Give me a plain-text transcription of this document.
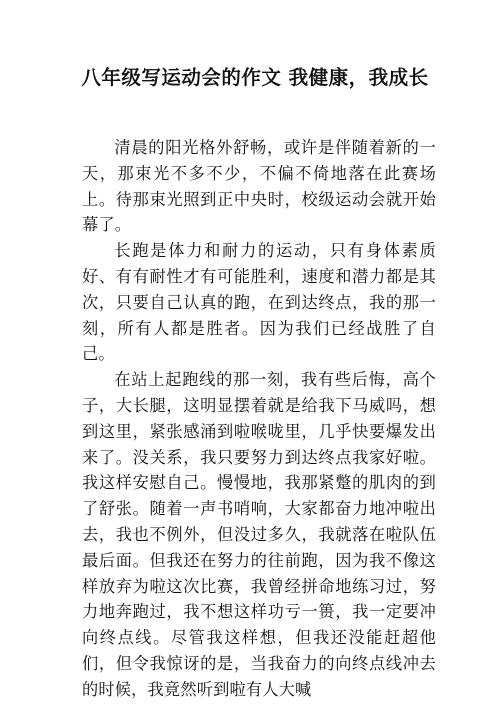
八年级写运动会的作文 我健康，我成长

清晨的阳光格外舒畅，或许是伴随着新的一天，那束光不多不少，不偏不倚地落在此赛场上。待那束光照到正中央时，校级运动会就开始幕了。

长跑是体力和耐力的运动，只有身体素质好、有有耐性才有可能胜利，速度和潜力都是其次，只要自己认真的跑，在到达终点，我的那一刻，所有人都是胜者。因为我们已经战胜了自己。

在站上起跑线的那一刻，我有些后悔，高个子，大长腿，这明显摆着就是给我下马威吗，想到这里，紧张感涌到啦喉咙里，几乎快要爆发出来了。没关系，我只要努力到达终点我家好啦。我这样安慰自己。慢慢地，我那紧蹩的肌肉的到了舒张。随着一声书哨响，大家都奋力地冲啦出去，我也不例外，但没过多久，我就落在啦队伍最后面。但我还在努力的往前跑，因为我不像这样放弃为啦这次比赛，我曾经拼命地练习过，努力地奔跑过，我不想这样功亏一篑，我一定要冲向终点线。尽管我这样想，但我还没能赶超他们，但令我惊讶的是，当我奋力的向终点线冲去的时候，我竟然听到啦有人大喊
